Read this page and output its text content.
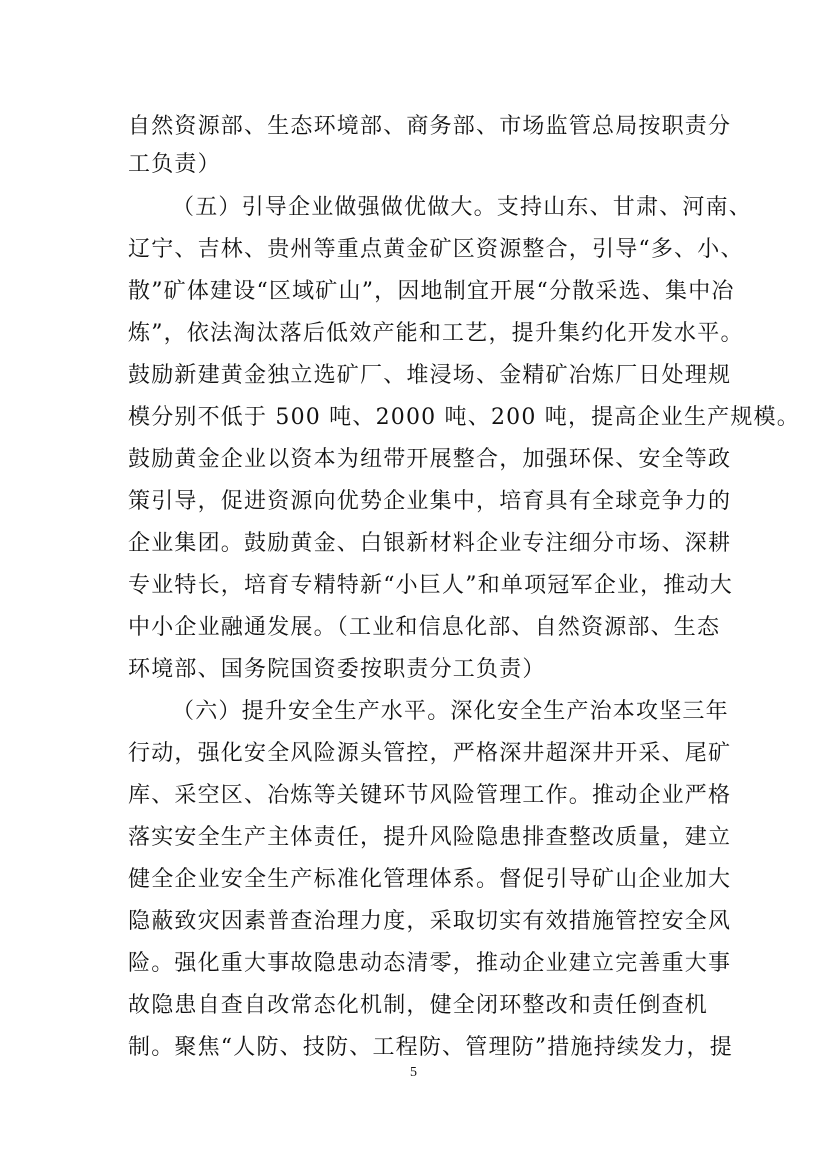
自然资源部、生态环境部、商务部、市场监管总局按职责分
工负责）
（五）引导企业做强做优做大。支持山东、甘肃、河南、
辽宁、吉林、贵州等重点黄金矿区资源整合，引导“多、小、
散”矿体建设“区域矿山”，因地制宜开展“分散采选、集中冶
炼”，依法淘汰落后低效产能和工艺，提升集约化开发水平。
鼓励新建黄金独立选矿厂、堆浸场、金精矿冶炼厂日处理规
模分别不低于 500 吨、2000 吨、200 吨，提高企业生产规模。
鼓励黄金企业以资本为纽带开展整合，加强环保、安全等政
策引导，促进资源向优势企业集中，培育具有全球竞争力的
企业集团。鼓励黄金、白银新材料企业专注细分市场、深耕
专业特长，培育专精特新“小巨人”和单项冠军企业，推动大
中小企业融通发展。（工业和信息化部、自然资源部、生态
环境部、国务院国资委按职责分工负责）
（六）提升安全生产水平。深化安全生产治本攻坚三年
行动，强化安全风险源头管控，严格深井超深井开采、尾矿
库、采空区、冶炼等关键环节风险管理工作。推动企业严格
落实安全生产主体责任，提升风险隐患排查整改质量，建立
健全企业安全生产标准化管理体系。督促引导矿山企业加大
隐蔽致灾因素普查治理力度，采取切实有效措施管控安全风
险。强化重大事故隐患动态清零，推动企业建立完善重大事
故隐患自查自改常态化机制，健全闭环整改和责任倒查机
制。聚焦“人防、技防、工程防、管理防”措施持续发力，提
5
